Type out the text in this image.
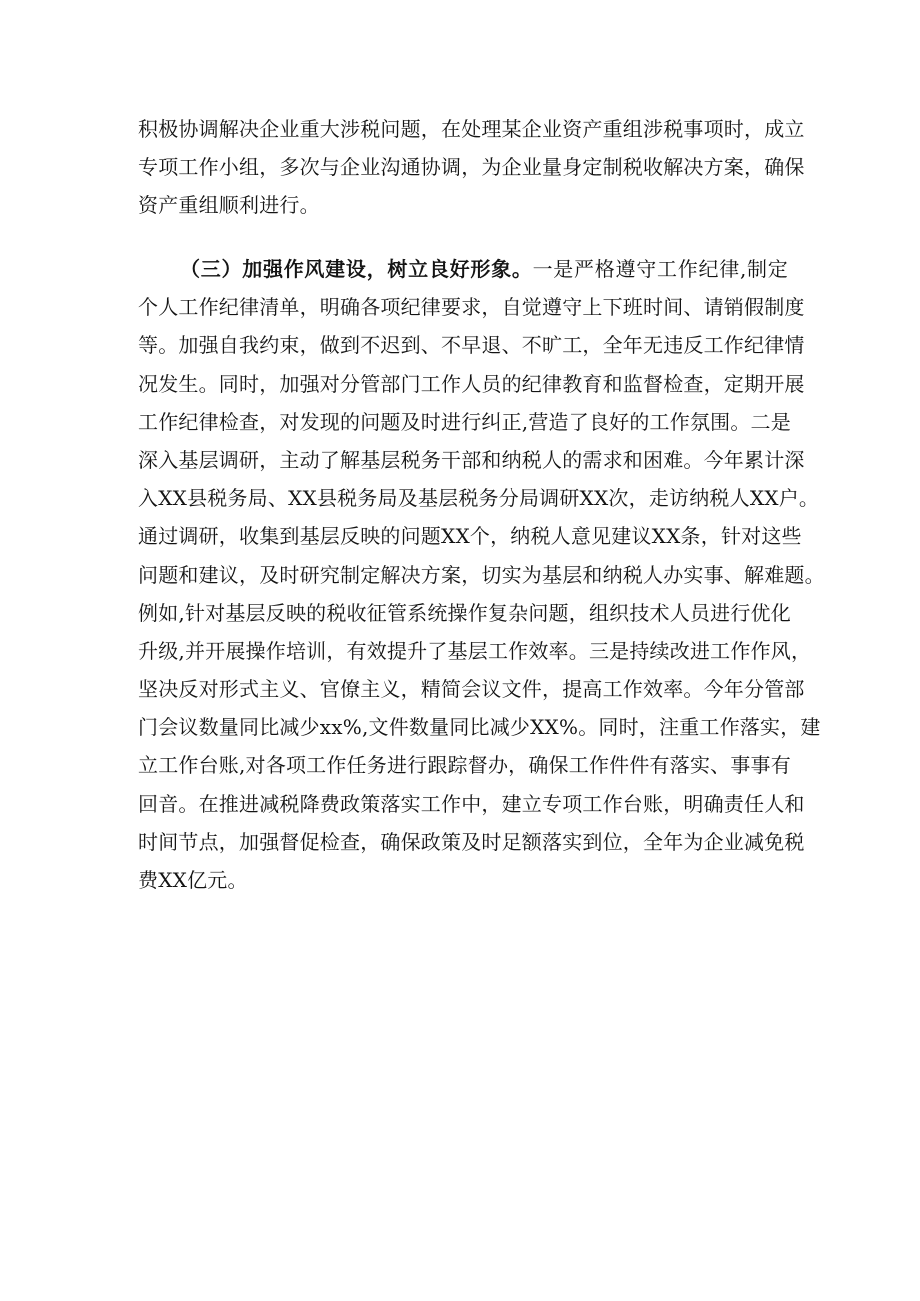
积极协调解决企业重大涉税问题，在处理某企业资产重组涉税事项时，成立
专项工作小组，多次与企业沟通协调，为企业量身定制税收解决方案，确保
资产重组顺利进行。
（三）加强作风建设，树立良好形象。一是严格遵守工作纪律,制定
个人工作纪律清单，明确各项纪律要求，自觉遵守上下班时间、请销假制度
等。加强自我约束，做到不迟到、不早退、不旷工，全年无违反工作纪律情
况发生。同时，加强对分管部门工作人员的纪律教育和监督检查，定期开展
工作纪律检查，对发现的问题及时进行纠正,营造了良好的工作氛围。二是
深入基层调研，主动了解基层税务干部和纳税人的需求和困难。今年累计深
入XX县税务局、XX县税务局及基层税务分局调研XX次，走访纳税人XX户。
通过调研，收集到基层反映的问题XX个，纳税人意见建议XX条，针对这些
问题和建议，及时研究制定解决方案，切实为基层和纳税人办实事、解难题。
例如,针对基层反映的税收征管系统操作复杂问题，组织技术人员进行优化
升级,并开展操作培训，有效提升了基层工作效率。三是持续改进工作作风，
坚决反对形式主义、官僚主义，精简会议文件，提高工作效率。今年分管部
门会议数量同比减少xx%,文件数量同比减少XX%。同时，注重工作落实，建
立工作台账,对各项工作任务进行跟踪督办，确保工作件件有落实、事事有
回音。在推进减税降费政策落实工作中，建立专项工作台账，明确责任人和
时间节点，加强督促检查，确保政策及时足额落实到位，全年为企业减免税
费XX亿元。
